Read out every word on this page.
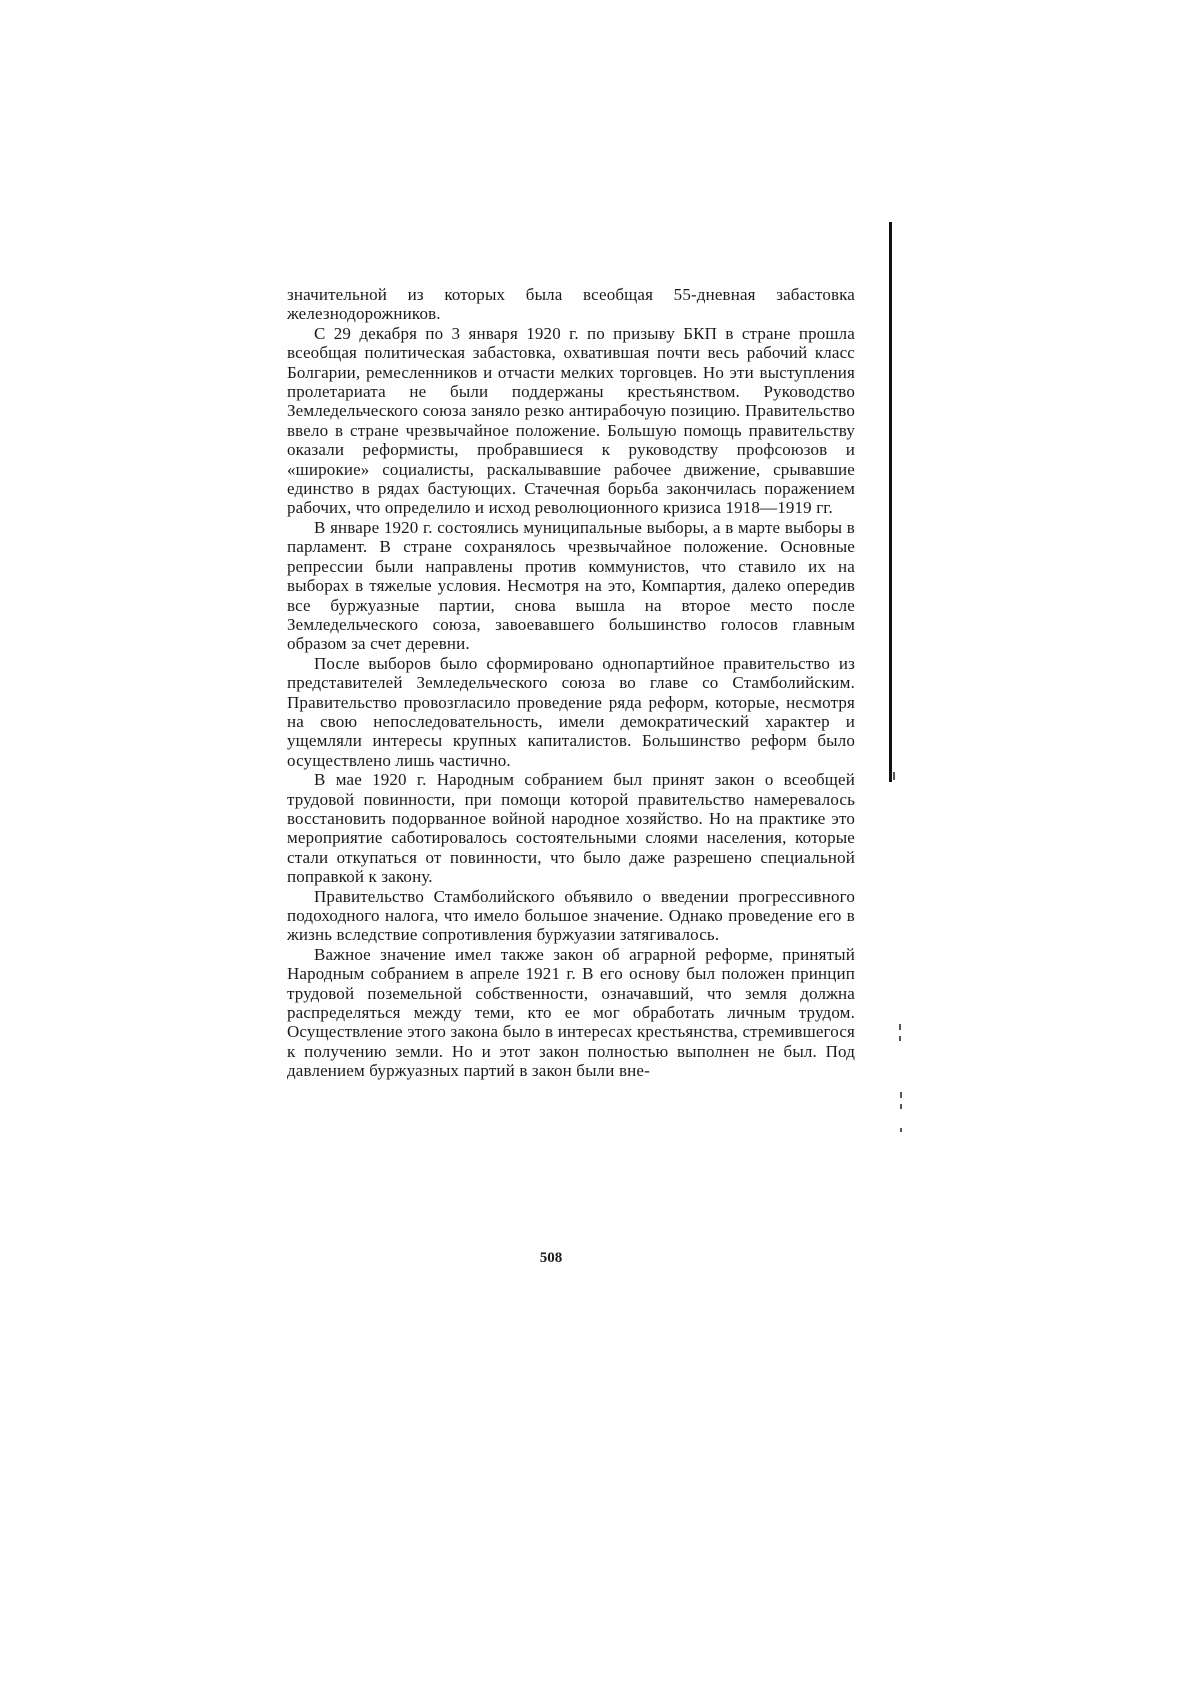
значительной из которых была всеобщая 55-дневная забастовка железнодорожников.

С 29 декабря по 3 января 1920 г. по призыву БКП в стране прошла всеобщая политическая забастовка, охватившая почти весь рабочий класс Болгарии, ремесленников и отчасти мелких торговцев. Но эти выступления пролетариата не были поддержаны крестьянством. Руководство Земледельческого союза заняло резко антирабочую позицию. Правительство ввело в стране чрезвычайное положение. Большую помощь правительству оказали реформисты, пробравшиеся к руководству профсоюзов и «широкие» социалисты, раскалывавшие рабочее движение, срывавшие единство в рядах бастующих. Стачечная борьба закончилась поражением рабочих, что определило и исход революционного кризиса 1918—1919 гг.

В январе 1920 г. состоялись муниципальные выборы, а в марте выборы в парламент. В стране сохранялось чрезвычайное положение. Основные репрессии были направлены против коммунистов, что ставило их на выборах в тяжелые условия. Несмотря на это, Компартия, далеко опередив все буржуазные партии, снова вышла на второе место после Земледельческого союза, завоевавшего большинство голосов главным образом за счет деревни.

После выборов было сформировано однопартийное правительство из представителей Земледельческого союза во главе со Стамболийским. Правительство провозгласило проведение ряда реформ, которые, несмотря на свою непоследовательность, имели демократический характер и ущемляли интересы крупных капиталистов. Большинство реформ было осуществлено лишь частично.

В мае 1920 г. Народным собранием был принят закон о всеобщей трудовой повинности, при помощи которой правительство намеревалось восстановить подорванное войной народное хозяйство. Но на практике это мероприятие саботировалось состоятельными слоями населения, которые стали откупаться от повинности, что было даже разрешено специальной поправкой к закону.

Правительство Стамболийского объявило о введении прогрессивного подоходного налога, что имело большое значение. Однако проведение его в жизнь вследствие сопротивления буржуазии затягивалось.

Важное значение имел также закон об аграрной реформе, принятый Народным собранием в апреле 1921 г. В его основу был положен принцип трудовой поземельной собственности, означавший, что земля должна распределяться между теми, кто ее мог обработать личным трудом. Осуществление этого закона было в интересах крестьянства, стремившегося к получению земли. Но и этот закон полностью выполнен не был. Под давлением буржуазных партий в закон были вне-

508
